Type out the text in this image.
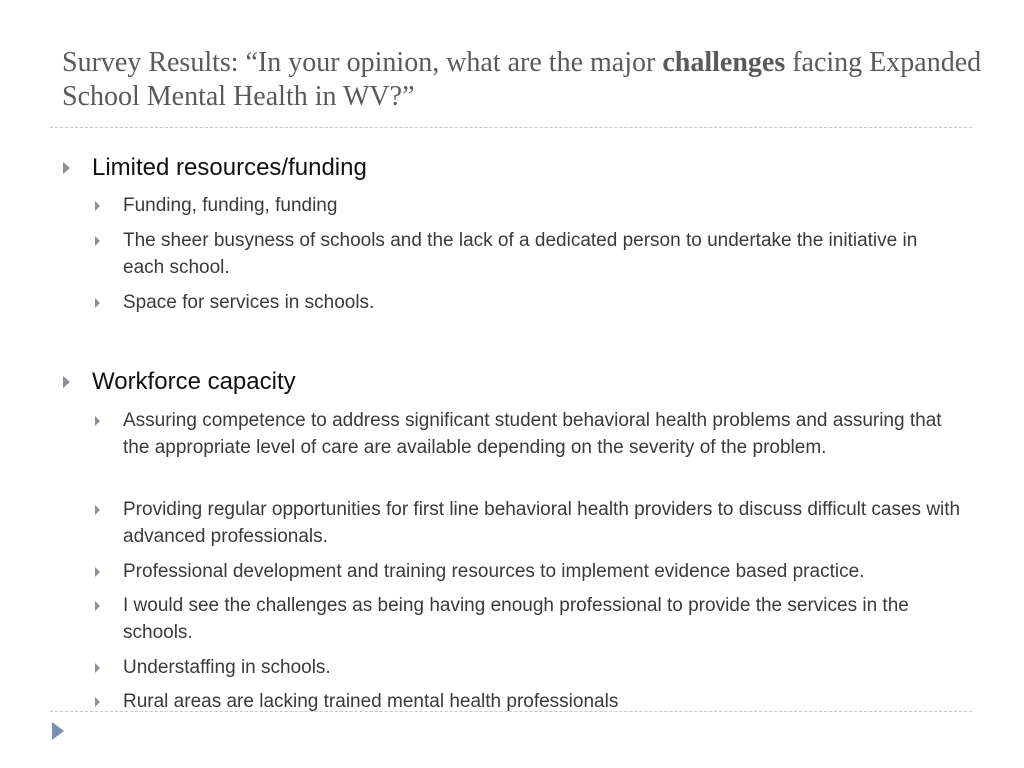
Survey Results: “In your opinion, what are the major challenges facing Expanded School Mental Health in WV?”
Limited resources/funding
Funding, funding, funding
The sheer busyness of schools and the lack of a dedicated person to undertake the initiative in each school.
Space for services in schools.
Workforce capacity
Assuring competence to address significant student behavioral health problems and assuring that the appropriate level of care are available depending on the severity of the problem.
Providing regular opportunities for first line behavioral health providers to discuss difficult cases with advanced professionals.
Professional development and training resources to implement evidence based practice.
I would see the challenges as being having enough professional to provide the services in the schools.
Understaffing in schools.
Rural areas are lacking trained mental health professionals
